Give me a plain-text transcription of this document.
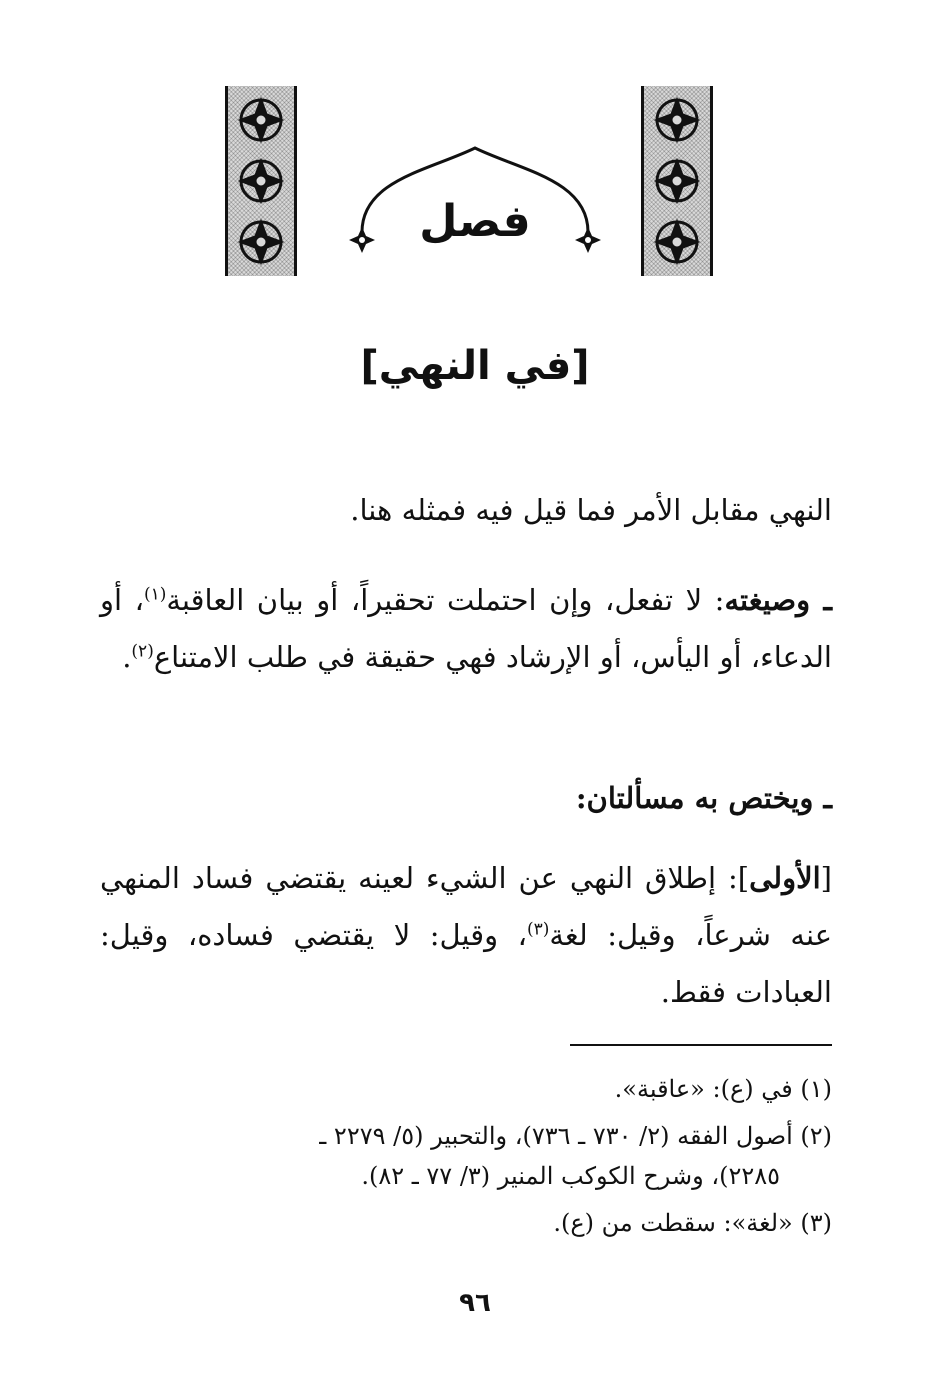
فصل
[في النهي]
النهي مقابل الأمر فما قيل فيه فمثله هنا.
ـ وصيغته: لا تفعل، وإن احتملت تحقيراً، أو بيان العاقبة$^{(١)}$، أو الدعاء، أو اليأس، أو الإرشاد فهي حقيقة في طلب الامتناع$^{(٢)}$.
ـ ويختص به مسألتان:
[الأولى]: إطلاق النهي عن الشيء لعينه يقتضي فساد المنهي عنه شرعاً، وقيل: لغة$^{(٣)}$، وقيل: لا يقتضي فساده، وقيل: العبادات فقط.
(١) في (ع): «عاقبة».
(٢) أصول الفقه (٢/ ٧٣٠ ـ ٧٣٦)، والتحبير (٥/ ٢٢٧٩ ـ
٢٢٨٥)، وشرح الكوكب المنير (٣/ ٧٧ ـ ٨٢).
(٣) «لغة»: سقطت من (ع).
٩٦
